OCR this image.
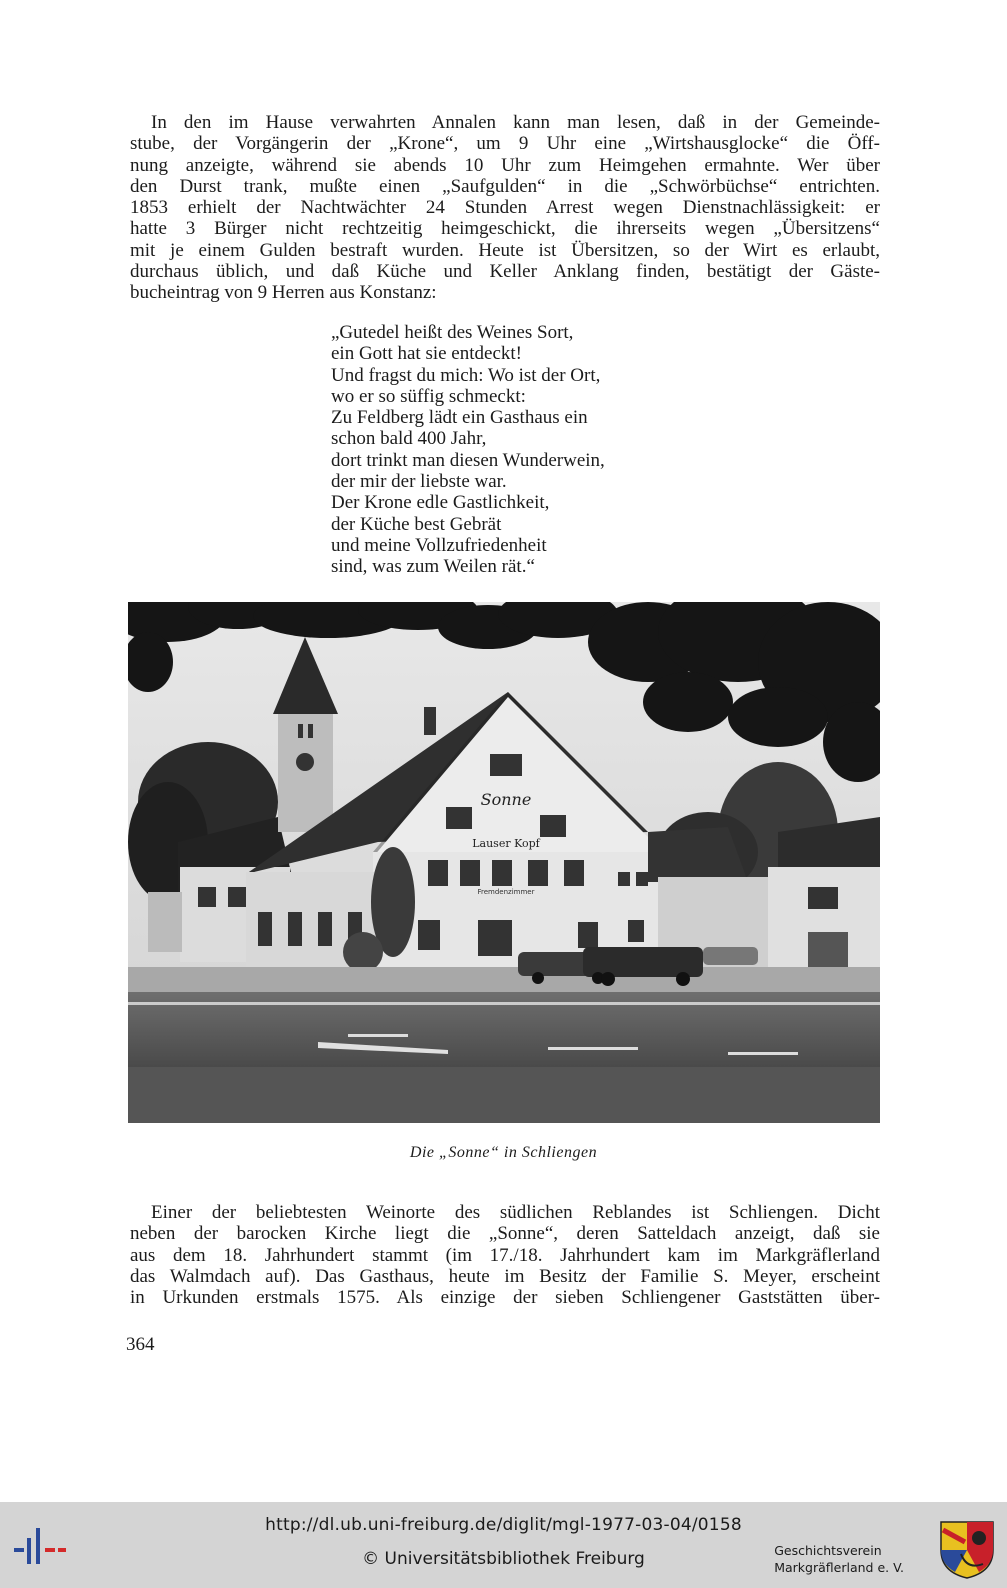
In den im Hause verwahrten Annalen kann man lesen, daß in der Gemeinde-
stube, der Vorgängerin der „Krone“, um 9 Uhr eine „Wirtshausglocke“ die Öff-
nung anzeigte, während sie abends 10 Uhr zum Heimgehen ermahnte. Wer über
den Durst trank, mußte einen „Saufgulden“ in die „Schwörbüchse“ entrichten.
1853 erhielt der Nachtwächter 24 Stunden Arrest wegen Dienstnachlässigkeit: er
hatte 3 Bürger nicht rechtzeitig heimgeschickt, die ihrerseits wegen „Übersitzens“
mit je einem Gulden bestraft wurden. Heute ist Übersitzen, so der Wirt es erlaubt,
durchaus üblich, und daß Küche und Keller Anklang finden, bestätigt der Gäste-
bucheintrag von 9 Herren aus Konstanz:
„Gutedel heißt des Weines Sort,
ein Gott hat sie entdeckt!
Und fragst du mich: Wo ist der Ort,
wo er so süffig schmeckt:
Zu Feldberg lädt ein Gasthaus ein
schon bald 400 Jahr,
dort trinkt man diesen Wunderwein,
der mir der liebste war.
Der Krone edle Gastlichkeit,
der Küche best Gebrät
und meine Vollzufriedenheit
sind, was zum Weilen rät.“
Sonne
Lauser Kopf
Fremdenzimmer
Die „Sonne“ in Schliengen
Einer der beliebtesten Weinorte des südlichen Reblandes ist Schliengen. Dicht
neben der barocken Kirche liegt die „Sonne“, deren Satteldach anzeigt, daß sie
aus dem 18. Jahrhundert stammt (im 17./18. Jahrhundert kam im Markgräflerland
das Walmdach auf). Das Gasthaus, heute im Besitz der Familie S. Meyer, erscheint
in Urkunden erstmals 1575. Als einzige der sieben Schliengener Gaststätten über-
364
http://dl.ub.uni-freiburg.de/diglit/mgl-1977-03-04/0158
© Universitätsbibliothek Freiburg	Geschichtsverein
Markgräflerland e. V.
